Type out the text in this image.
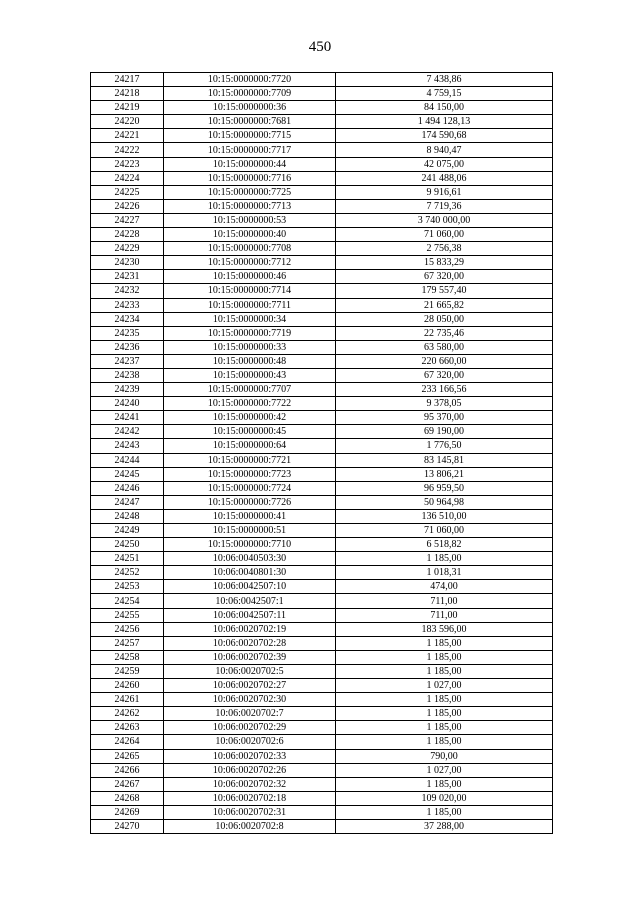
450
24217	10:15:0000000:7720	7 438,86
24218	10:15:0000000:7709	4 759,15
24219	10:15:0000000:36	84 150,00
24220	10:15:0000000:7681	1 494 128,13
24221	10:15:0000000:7715	174 590,68
24222	10:15:0000000:7717	8 940,47
24223	10:15:0000000:44	42 075,00
24224	10:15:0000000:7716	241 488,06
24225	10:15:0000000:7725	9 916,61
24226	10:15:0000000:7713	7 719,36
24227	10:15:0000000:53	3 740 000,00
24228	10:15:0000000:40	71 060,00
24229	10:15:0000000:7708	2 756,38
24230	10:15:0000000:7712	15 833,29
24231	10:15:0000000:46	67 320,00
24232	10:15:0000000:7714	179 557,40
24233	10:15:0000000:7711	21 665,82
24234	10:15:0000000:34	28 050,00
24235	10:15:0000000:7719	22 735,46
24236	10:15:0000000:33	63 580,00
24237	10:15:0000000:48	220 660,00
24238	10:15:0000000:43	67 320,00
24239	10:15:0000000:7707	233 166,56
24240	10:15:0000000:7722	9 378,05
24241	10:15:0000000:42	95 370,00
24242	10:15:0000000:45	69 190,00
24243	10:15:0000000:64	1 776,50
24244	10:15:0000000:7721	83 145,81
24245	10:15:0000000:7723	13 806,21
24246	10:15:0000000:7724	96 959,50
24247	10:15:0000000:7726	50 964,98
24248	10:15:0000000:41	136 510,00
24249	10:15:0000000:51	71 060,00
24250	10:15:0000000:7710	6 518,82
24251	10:06:0040503:30	1 185,00
24252	10:06:0040801:30	1 018,31
24253	10:06:0042507:10	474,00
24254	10:06:0042507:1	711,00
24255	10:06:0042507:11	711,00
24256	10:06:0020702:19	183 596,00
24257	10:06:0020702:28	1 185,00
24258	10:06:0020702:39	1 185,00
24259	10:06:0020702:5	1 185,00
24260	10:06:0020702:27	1 027,00
24261	10:06:0020702:30	1 185,00
24262	10:06:0020702:7	1 185,00
24263	10:06:0020702:29	1 185,00
24264	10:06:0020702:6	1 185,00
24265	10:06:0020702:33	790,00
24266	10:06:0020702:26	1 027,00
24267	10:06:0020702:32	1 185,00
24268	10:06:0020702:18	109 020,00
24269	10:06:0020702:31	1 185,00
24270	10:06:0020702:8	37 288,00
